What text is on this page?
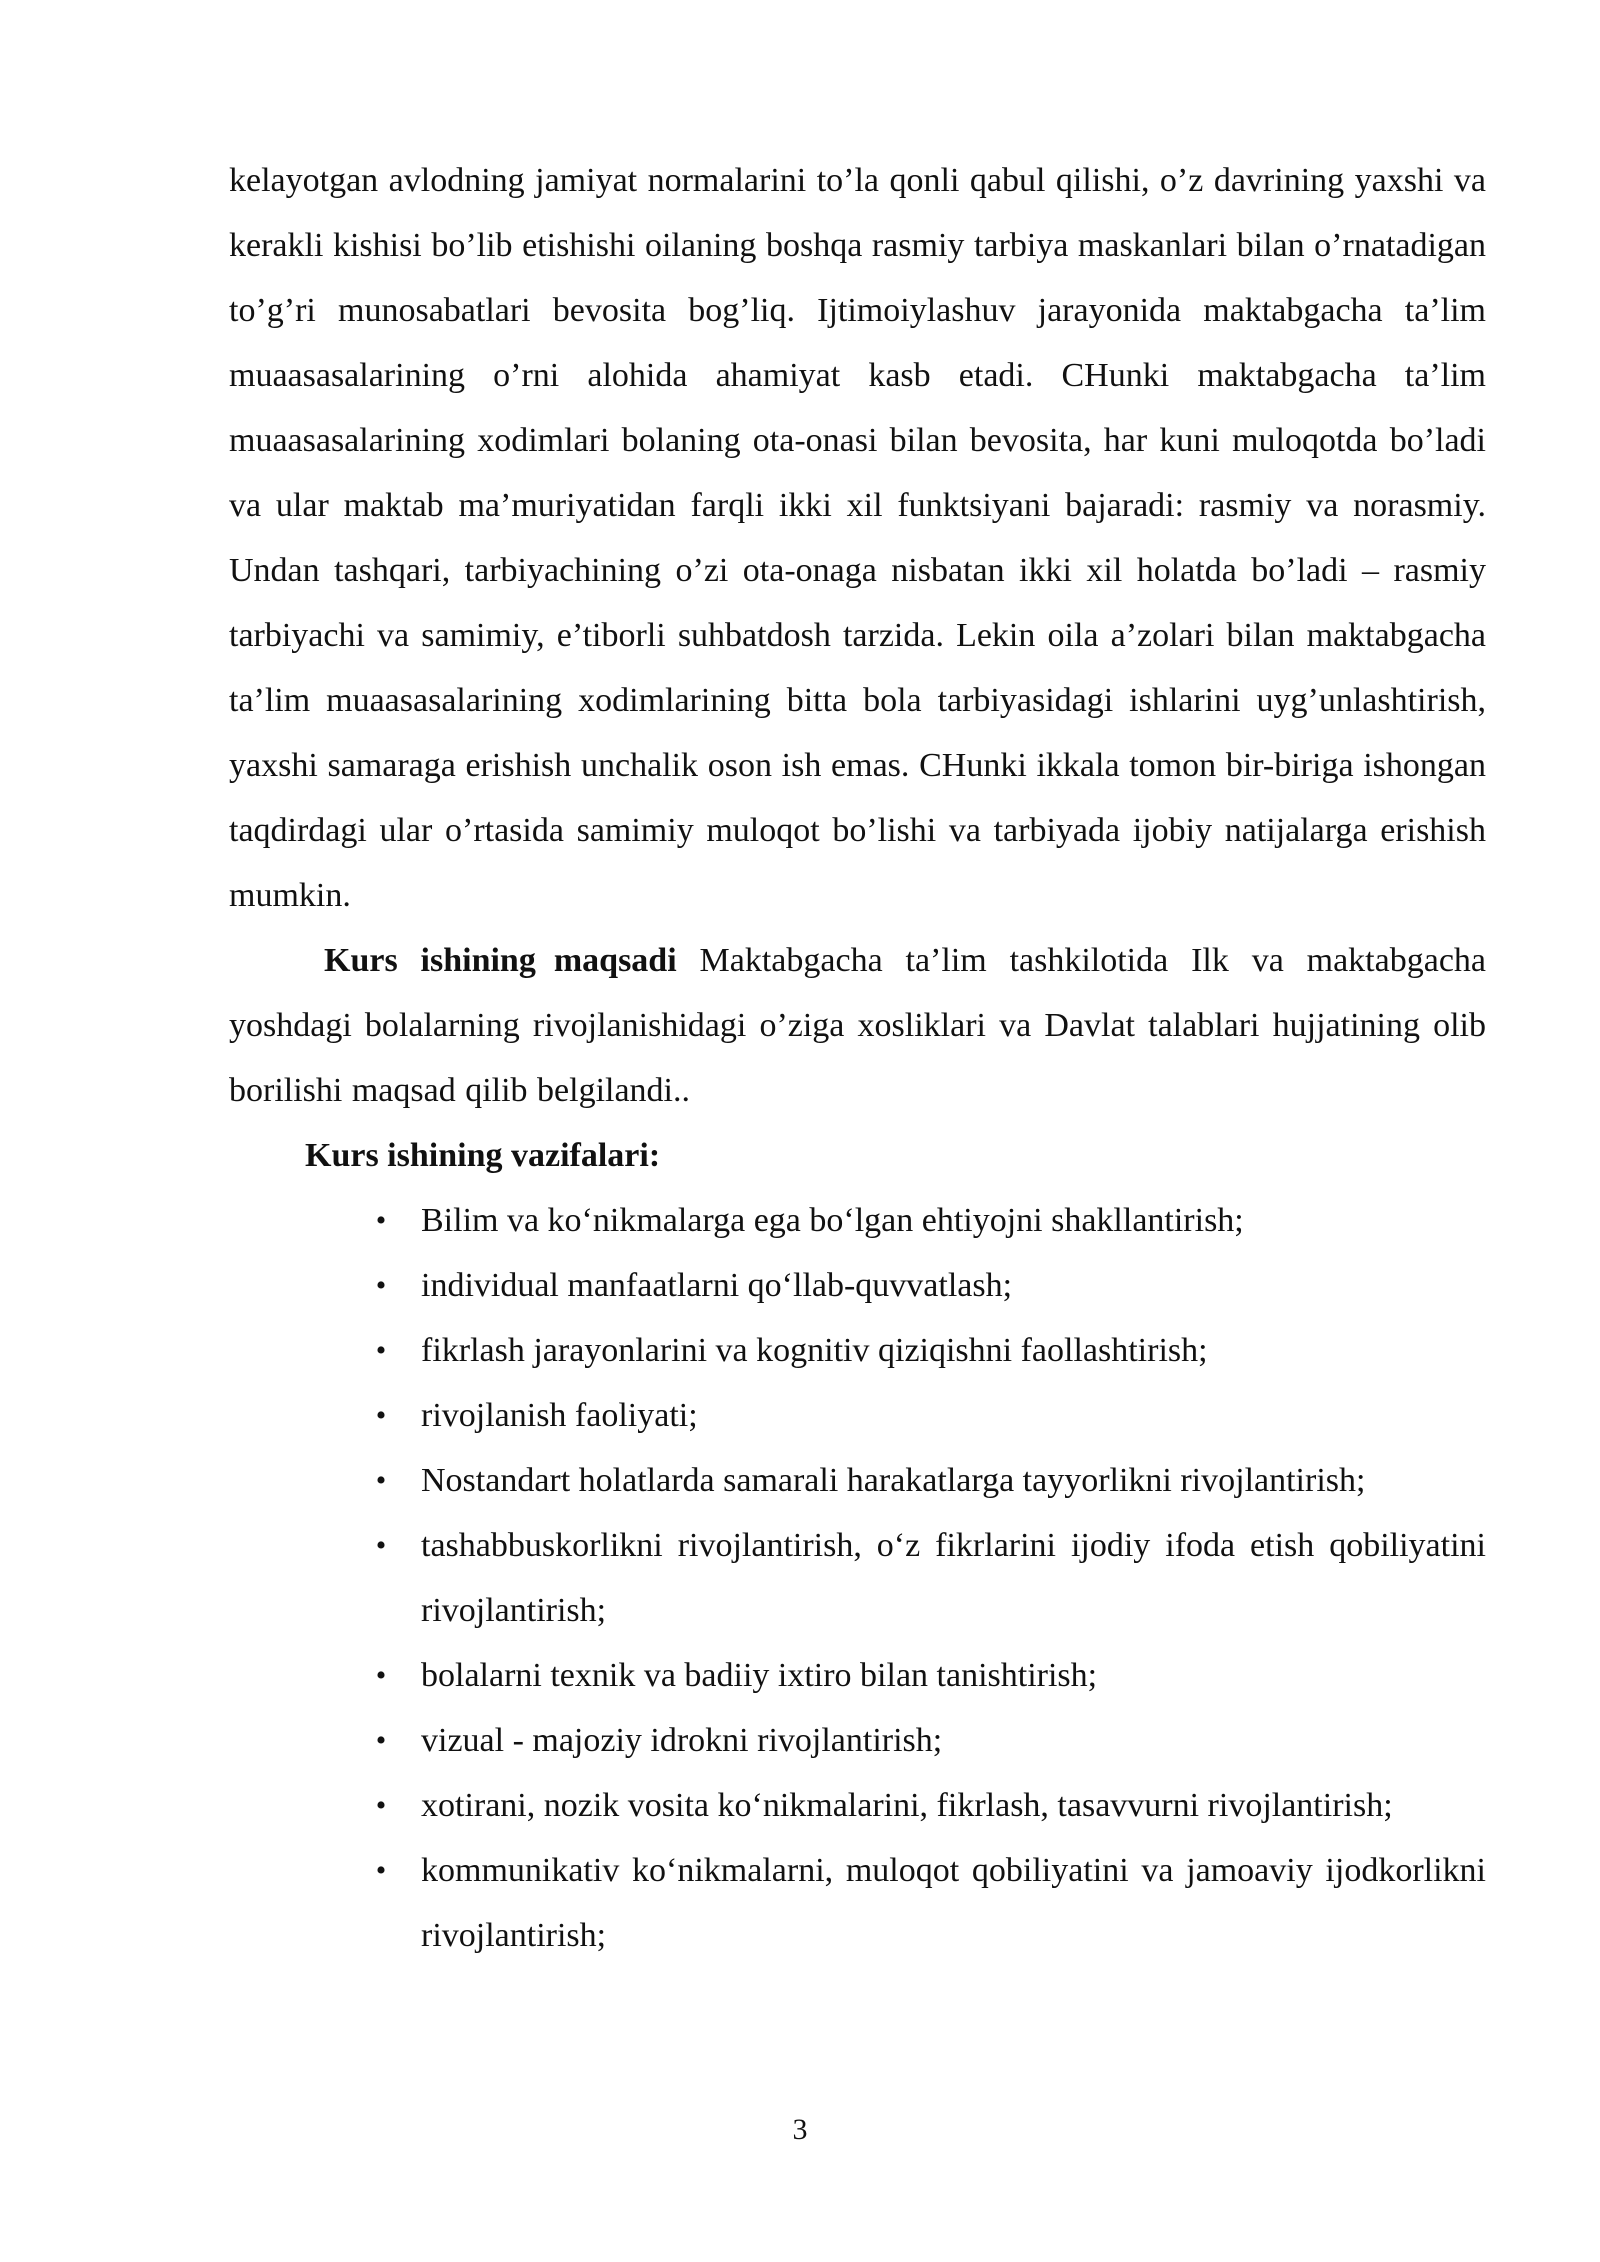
kelayotgan avlodning jamiyat normalarini to’la qonli qabul qilishi, o’z davrining yaxshi va kerakli kishisi bo’lib etishishi oilaning boshqa rasmiy tarbiya maskanlari bilan o’rnatadigan to’g’ri munosabatlari bevosita bog’liq. Ijtimoiylashuv jarayonida maktabgacha ta’lim muaasasalarining o’rni alohida ahamiyat kasb etadi. CHunki maktabgacha ta’lim muaasasalarining xodimlari bolaning ota-onasi bilan bevosita, har kuni muloqotda bo’ladi va ular maktab ma’muriyatidan farqli ikki xil funktsiyani bajaradi: rasmiy va norasmiy. Undan tashqari, tarbiyachining o’zi ota-onaga nisbatan ikki xil holatda bo’ladi – rasmiy tarbiyachi va samimiy, e’tiborli suhbatdosh tarzida. Lekin oila a’zolari bilan maktabgacha ta’lim muaasasalarining xodimlarining bitta bola tarbiyasidagi ishlarini uyg’unlashtirish, yaxshi samaraga erishish unchalik oson ish emas. CHunki ikkala tomon bir-biriga ishongan taqdirdagi ular o’rtasida samimiy muloqot bo’lishi va tarbiyada ijobiy natijalarga erishish mumkin.

Kurs ishining maqsadi Maktabgacha ta’lim tashkilotida Ilk va maktabgacha yoshdagi bolalarning rivojlanishidagi o’ziga xosliklari va Davlat talablari hujjatining olib borilishi maqsad qilib belgilandi..

Kurs ishining vazifalari:

• Bilim va ko‘nikmalarga ega bo‘lgan ehtiyojni shakllantirish;
• individual manfaatlarni qo‘llab-quvvatlash;
• fikrlash jarayonlarini va kognitiv qiziqishni faollashtirish;
• rivojlanish faoliyati;
• Nostandart holatlarda samarali harakatlarga tayyorlikni rivojlantirish;
• tashabbuskorlikni rivojlantirish, o‘z fikrlarini ijodiy ifoda etish qobiliyatini rivojlantirish;
• bolalarni texnik va badiiy ixtiro bilan tanishtirish;
• vizual - majoziy idrokni rivojlantirish;
• xotirani, nozik vosita ko‘nikmalarini, fikrlash, tasavvurni rivojlantirish;
• kommunikativ ko‘nikmalarni, muloqot qobiliyatini va jamoaviy ijodkorlikni rivojlantirish;
3
